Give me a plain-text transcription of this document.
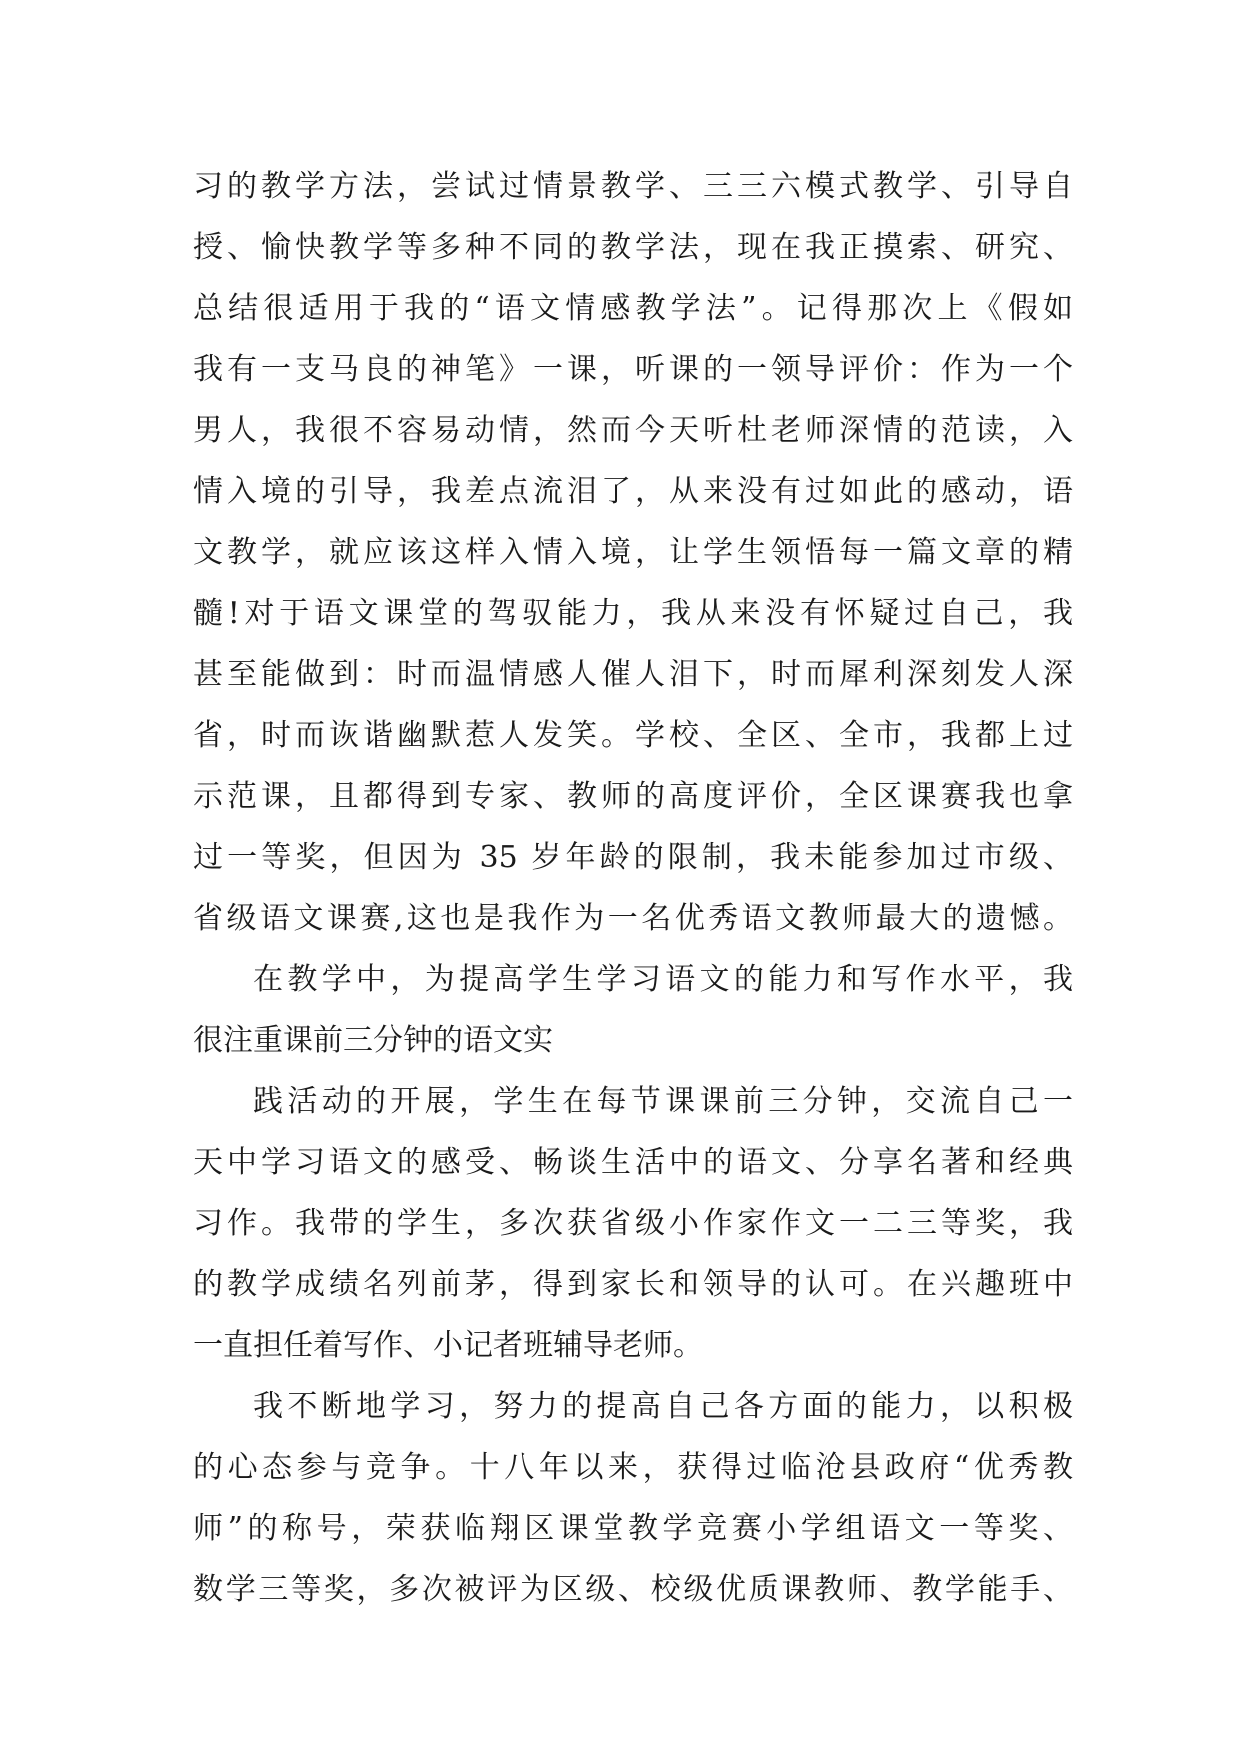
习的教学方法，尝试过情景教学、三三六模式教学、引导自
授、愉快教学等多种不同的教学法，现在我正摸索、研究、
总结很适用于我的“语文情感教学法”。记得那次上《假如
我有一支马良的神笔》一课，听课的一领导评价：作为一个
男人，我很不容易动情，然而今天听杜老师深情的范读，入
情入境的引导，我差点流泪了，从来没有过如此的感动，语
文教学，就应该这样入情入境，让学生领悟每一篇文章的精
髓!对于语文课堂的驾驭能力，我从来没有怀疑过自己，我
甚至能做到：时而温情感人催人泪下，时而犀利深刻发人深
省，时而诙谐幽默惹人发笑。学校、全区、全市，我都上过
示范课，且都得到专家、教师的高度评价，全区课赛我也拿
过一等奖，但因为 35 岁年龄的限制，我未能参加过市级、
省级语文课赛,这也是我作为一名优秀语文教师最大的遗憾。
在教学中，为提高学生学习语文的能力和写作水平，我
很注重课前三分钟的语文实
践活动的开展，学生在每节课课前三分钟，交流自己一
天中学习语文的感受、畅谈生活中的语文、分享名著和经典
习作。我带的学生，多次获省级小作家作文一二三等奖，我
的教学成绩名列前茅，得到家长和领导的认可。在兴趣班中
一直担任着写作、小记者班辅导老师。
我不断地学习，努力的提高自己各方面的能力，以积极
的心态参与竞争。十八年以来，获得过临沧县政府“优秀教
师”的称号，荣获临翔区课堂教学竞赛小学组语文一等奖、
数学三等奖，多次被评为区级、校级优质课教师、教学能手、
